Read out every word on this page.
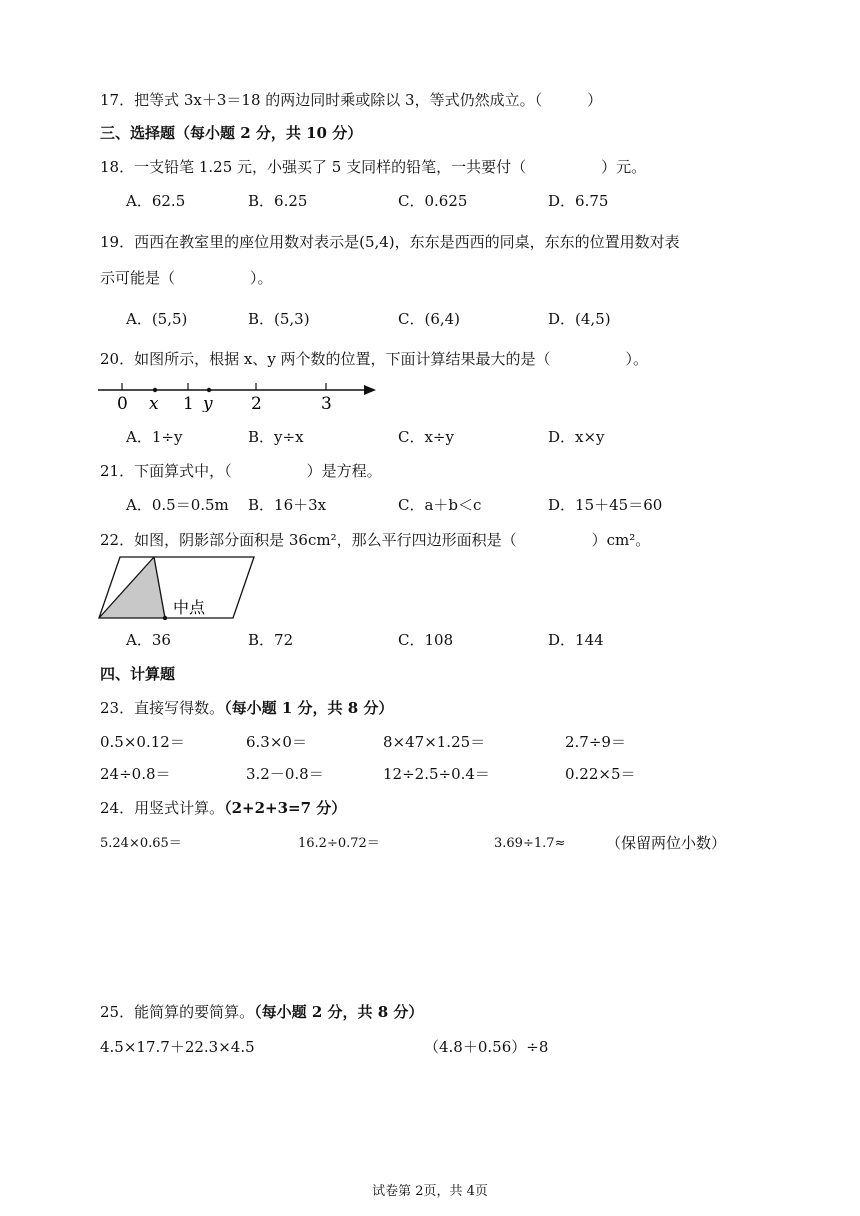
17．把等式 3x＋3＝18 的两边同时乘或除以 3，等式仍然成立。（　　　）
三、选择题（每小题 2 分，共 10 分）
18．一支铅笔 1.25 元，小强买了 5 支同样的铅笔，一共要付（　　　　　）元。
A．62.5	B．6.25	C．0.625	D．6.75
19．西西在教室里的座位用数对表示是(5,4)，东东是西西的同桌，东东的位置用数对表
示可能是（　　　　　）。
A．(5,5)	B．(5,3)	C．(6,4)	D．(4,5)
20．如图所示，根据 x、y 两个数的位置，下面计算结果最大的是（　　　　　）。
0 x 1 y 2	3
A．1÷y	B．y÷x	C．x÷y	D．x×y
21．下面算式中，（　　　　　）是方程。
A．0.5＝0.5m B．16＋3x	C．a＋b＜c	D．15＋45＝60
22．如图，阴影部分面积是 36cm²，那么平行四边形面积是（　　　　　）cm²。
中点
A．36	B．72	C．108	D．144
四、计算题
23．直接写得数。（每小题 1 分，共 8 分）
0.5×0.12＝	6.3×0＝	8×47×1.25＝	2.7÷9＝
24÷0.8＝	3.2－0.8＝	12÷2.5÷0.4＝	0.22×5＝
24．用竖式计算。（2+2+3=7 分）
5.24×0.65＝	16.2÷0.72＝	3.69÷1.7≈	（保留两位小数）
25．能简算的要简算。（每小题 2 分，共 8 分）
4.5×17.7＋22.3×4.5	（4.8＋0.56）÷8
试卷第 2页，共 4页
